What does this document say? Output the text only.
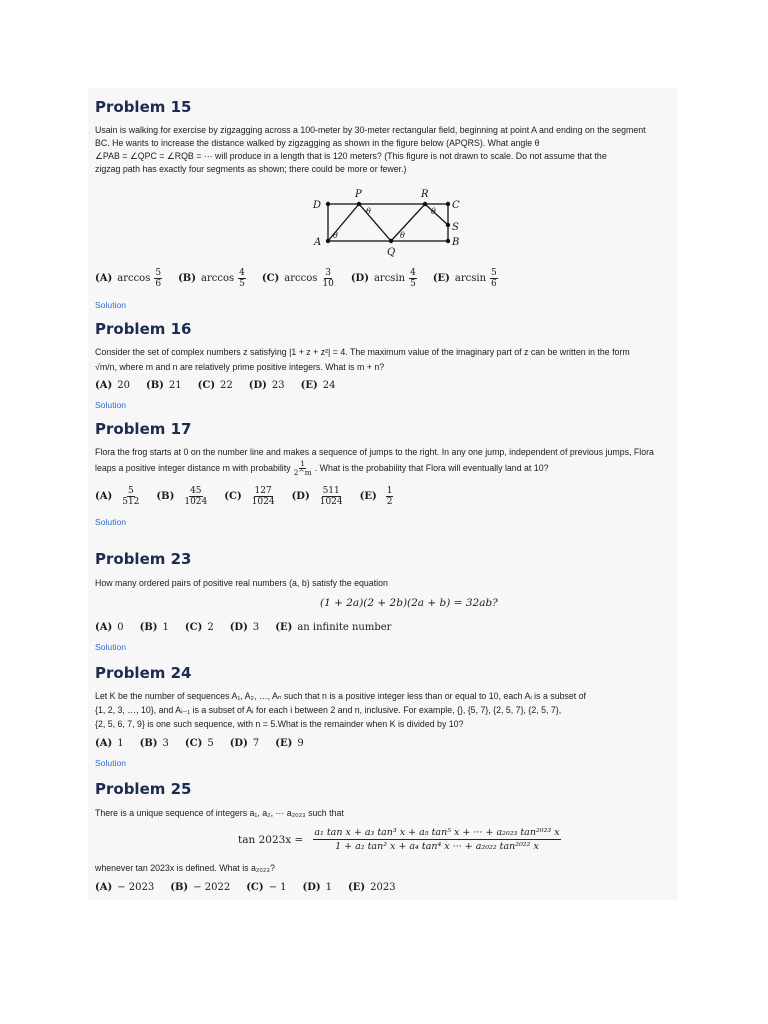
Problem 15
Usain is walking for exercise by zigzagging across a 100-meter by 30-meter rectangular field, beginning at point A and ending on the segment
BC. He wants to increase the distance walked by zigzagging as shown in the figure below (APQRS). What angle θ
∠PAB = ∠QPC = ∠RQB = ··· will produce in a length that is 120 meters? (This figure is not drawn to scale. Do not assume that the
zigzag path has exactly four segments as shown; there could be more or fewer.)
D
P	R
C
S
A
Q
B
θ
θ
θ
θ
(A) $\arccos \frac{5}{6} (B)$ $\arccos \frac{4}{5} (C)$ $\arccos \frac{3}{10} (D)$ $\arcsin \frac{4}{5} (E)$ $\arcsin \frac{5}{6}$
Solution
Problem 16
Consider the set of complex numbers z satisfying |1 + z + z²| = 4. The maximum value of the imaginary part of z can be written in the form
√m/n, where m and n are relatively prime positive integers. What is m + n?
(A) 20 (B) 21 (C) 22 (D) 23 (E) 24
Solution
Problem 17
Flora the frog starts at 0 on the number line and makes a sequence of jumps to the right. In any one jump, independent of previous jumps, Flora
leaps a positive integer distance m with probability $\frac{1}{2\^{}m}$ . What is the probability that Flora will eventually land at 10?
$(A) \frac{5}{512} (B) \frac{45}{1024} (C) \frac{127}{1024} (D) \frac{511}{1024} (E) \frac{1}{2}$
Solution
Problem 23
How many ordered pairs of positive real numbers (a, b) satisfy the equation
(1 + 2a)(2 + 2b)(2a + b) = 32ab?
(A) 0 (B) 1 (C) 2 (D) 3 (E) an infinite number
Solution
Problem 24
Let K be the number of sequences A₁, A₂, …, Aₙ such that n is a positive integer less than or equal to 10, each Aᵢ is a subset of
{1, 2, 3, …, 10}, and Aᵢ₋₁ is a subset of Aᵢ for each i between 2 and n, inclusive. For example, {}, {5, 7}, {2, 5, 7}, {2, 5, 7},
{2, 5, 6, 7, 9} is one such sequence, with n = 5.What is the remainder when K is divided by 10?
(A) 1 (B) 3 (C) 5 (D) 7 (E) 9
Solution
Problem 25
There is a unique sequence of integers a₁, a₂, ··· a₂₀₂₃ such that
$\tan 2023x = \frac{\text{a₁ tan x + a₃ tan³ x + a₅ tan⁵ x + ··· + a₂₀₂₃ tan²⁰²³ x}}{\text{1 + a₂ tan² x + a₄ tan⁴ x ··· + a₂₀₂₂ tan²⁰²² x}}$
whenever tan 2023x is defined. What is a₂₀₂₃?
(A) − 2023 (B) − 2022 (C) − 1 (D) 1 (E) 2023
